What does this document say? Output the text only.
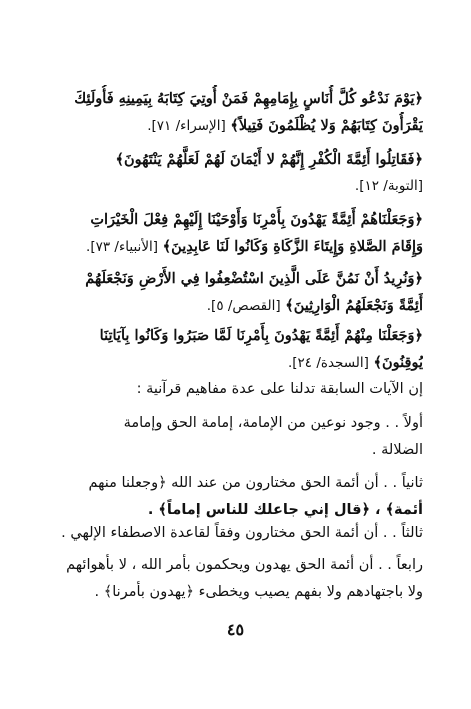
﴿يَوْمَ نَدْعُو كُلَّ أُنَاسٍ بِإِمَامِهِمْ فَمَنْ أُوتِيَ كِتَابَهُ بِيَمِينِهِ فَأُولَئِكَ
يَقْرَأُونَ كِتَابَهُمْ وَلا يُظْلَمُونَ فَتِيلاً﴾ [الإسراء/ ٧١].
﴿فَقَاتِلُوا أَئِمَّةَ الْكُفْرِ إِنَّهُمْ لا أَيْمَانَ لَهُمْ لَعَلَّهُمْ يَنْتَهُونَ﴾
[التوبة/ ١٢].
﴿وَجَعَلْنَاهُمْ أَئِمَّةً يَهْدُونَ بِأَمْرِنَا وَأَوْحَيْنَا إِلَيْهِمْ فِعْلَ الْخَيْرَاتِ
وَإِقَامَ الصَّلاةِ وَإِيتَاءَ الزَّكَاةِ وَكَانُوا لَنَا عَابِدِينَ﴾ [الأنبياء/ ٧٣].
﴿وَنُرِيدُ أَنْ نَمُنَّ عَلَى الَّذِينَ اسْتُضْعِفُوا فِي الأَرْضِ وَنَجْعَلَهُمْ
أَئِمَّةً وَنَجْعَلَهُمُ الْوَارِثِينَ﴾ [القصص/ ٥].
﴿وَجَعَلْنَا مِنْهُمْ أَئِمَّةً يَهْدُونَ بِأَمْرِنَا لَمَّا صَبَرُوا وَكَانُوا بِآيَاتِنَا
يُوقِنُونَ﴾ [السجدة/ ٢٤].
إن الآيات السابقة تدلنا على عدة مفاهيم قرآنية :
أولاً . . وجود نوعين من الإمامة، إمامة الحق وإمامة
الضلالة .
ثانياً . . أن أئمة الحق مختارون من عند الله ﴿وجعلنا منهم
أئمة﴾ ، ﴿قال إني جاعلك للناس إماماً﴾ .
ثالثاً . . أن أئمة الحق مختارون وفقاً لقاعدة الاصطفاء الإلهي .
رابعاً . . أن أئمة الحق يهدون ويحكمون بأمر الله ، لا بأهوائهم
ولا باجتهادهم ولا بفهم يصيب ويخطىء ﴿يهدون بأمرنا﴾ .
٤٥
